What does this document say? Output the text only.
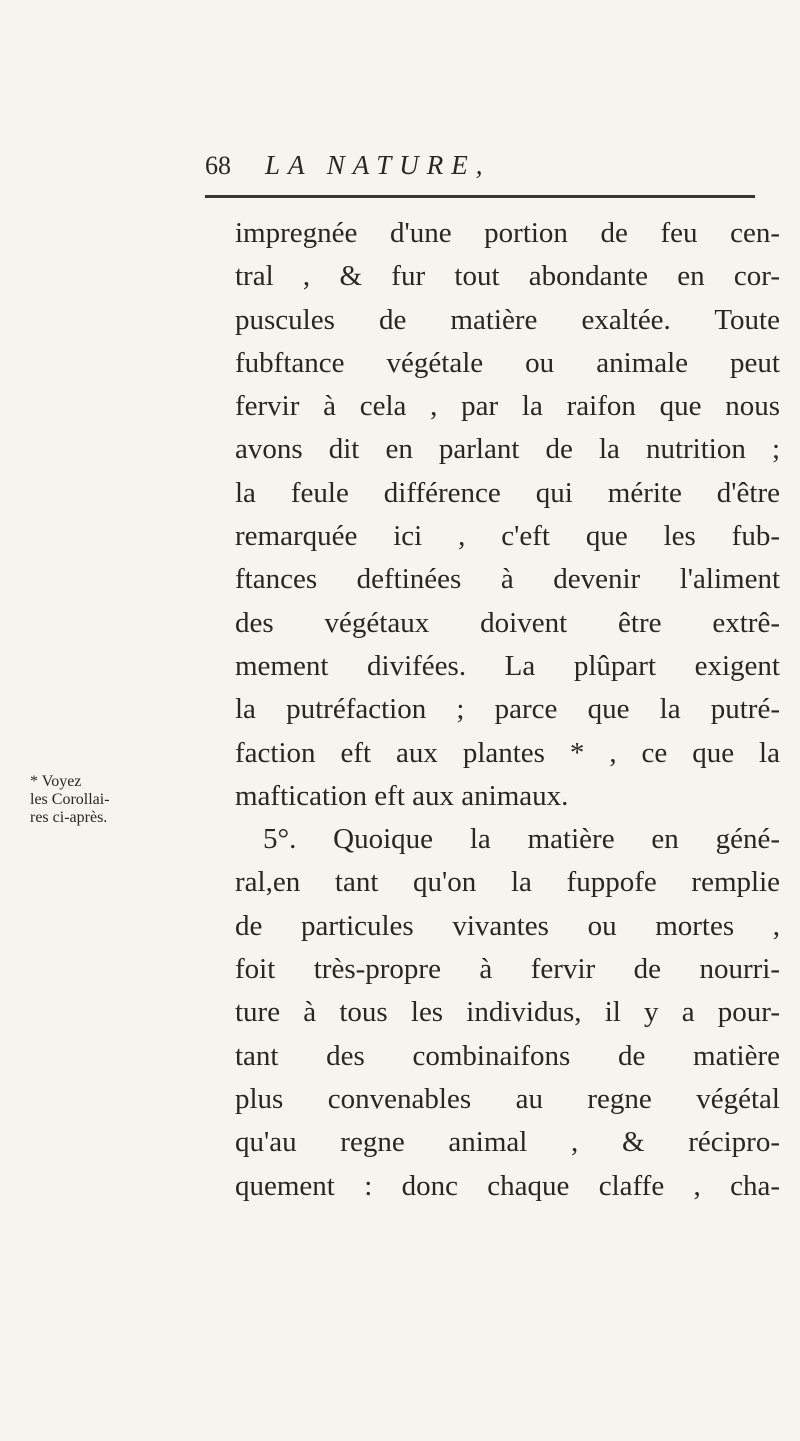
68	LA NATURE,
impregnée d'une portion de feu cen-
tral , & fur tout abondante en cor-
puscules de matière exaltée. Toute
fubftance végétale ou animale peut
fervir à cela , par la raifon que nous
avons dit en parlant de la nutrition ;
la feule différence qui mérite d'être
remarquée ici , c'eft que les fub-
ftances deftinées à devenir l'aliment
des végétaux doivent être extrê-
mement divifées. La plûpart exigent
la putréfaction ; parce que la putré-
faction eft aux plantes * , ce que la
maftication eft aux animaux.
5°. Quoique la matière en géné-
ral,en tant qu'on la fuppofe remplie
de particules vivantes ou mortes ,
foit très-propre à fervir de nourri-
ture à tous les individus, il y a pour-
tant des combinaifons de matière
plus convenables au regne végétal
qu'au regne animal , & récipro-
quement : donc chaque claffe , cha-
* Voyez
les Corollai-
res ci-après.
